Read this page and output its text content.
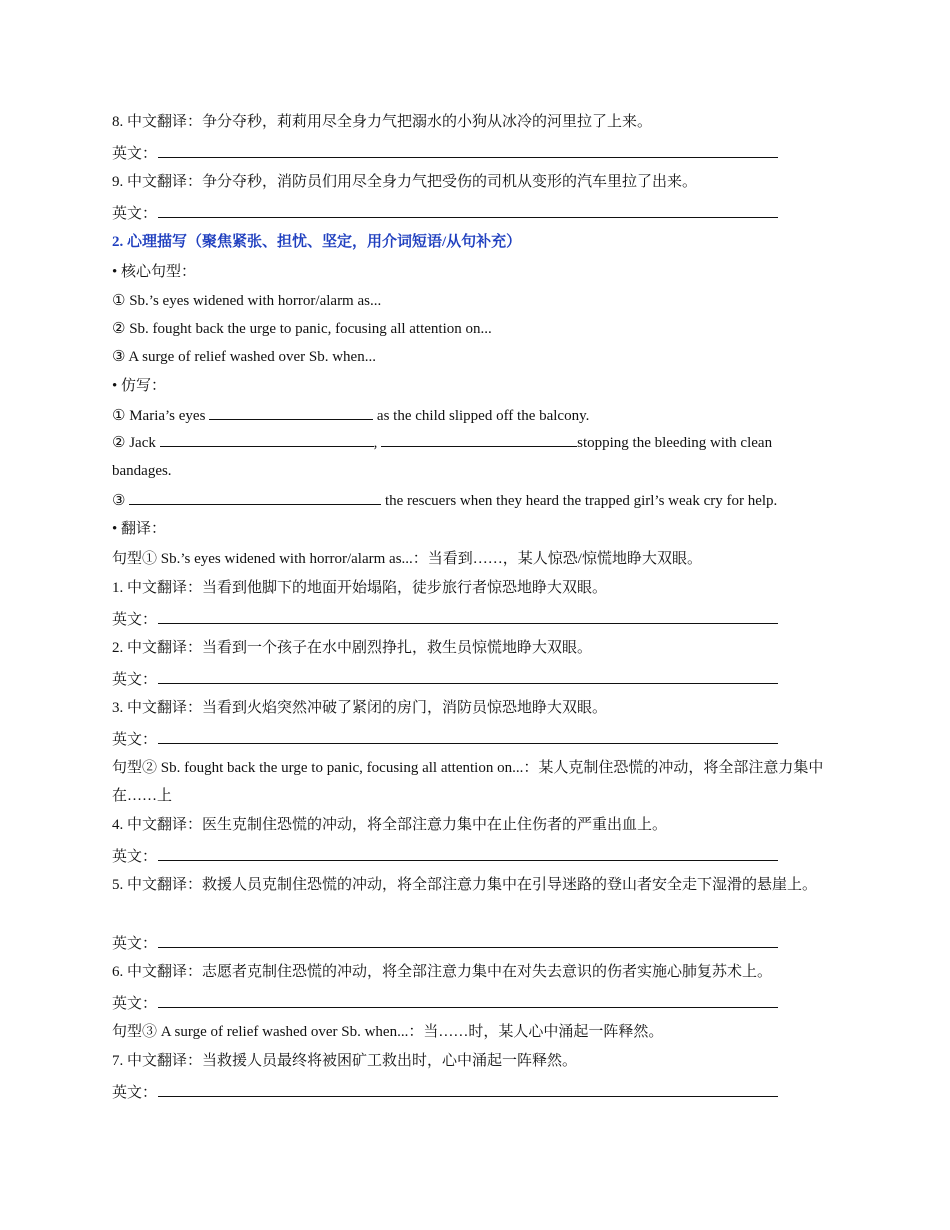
8. 中文翻译：争分夺秒，莉莉用尽全身力气把溺水的小狗从冰冷的河里拉了上来。
英文：
9. 中文翻译：争分夺秒，消防员们用尽全身力气把受伤的司机从变形的汽车里拉了出来。
英文：
2. 心理描写（聚焦紧张、担忧、坚定，用介词短语/从句补充）
• 核心句型：
① Sb.’s eyes widened with horror/alarm as...
② Sb. fought back the urge to panic, focusing all attention on...
③ A surge of relief washed over Sb. when...
• 仿写：
① Maria’s eyes	as the child slipped off the balcony.
② Jack	,	stopping the bleeding with clean bandages.
③	the rescuers when they heard the trapped girl’s weak cry for help.
• 翻译：
句型① Sb.’s eyes widened with horror/alarm as...：当看到……，某人惊恐/惊慌地睁大双眼。
1. 中文翻译：当看到他脚下的地面开始塌陷，徒步旅行者惊恐地睁大双眼。
英文：
2. 中文翻译：当看到一个孩子在水中剧烈挣扎，救生员惊慌地睁大双眼。
英文：
3. 中文翻译：当看到火焰突然冲破了紧闭的房门，消防员惊恐地睁大双眼。
英文：
句型② Sb. fought back the urge to panic, focusing all attention on...：某人克制住恐慌的冲动，将全部注意力集中在……上
4. 中文翻译：医生克制住恐慌的冲动，将全部注意力集中在止住伤者的严重出血上。
英文：
5. 中文翻译：救援人员克制住恐慌的冲动，将全部注意力集中在引导迷路的登山者安全走下湿滑的悬崖上。
英文：
6. 中文翻译：志愿者克制住恐慌的冲动，将全部注意力集中在对失去意识的伤者实施心肺复苏术上。
英文：
句型③ A surge of relief washed over Sb. when...：当……时，某人心中涌起一阵释然。
7. 中文翻译：当救援人员最终将被困矿工救出时，心中涌起一阵释然。
英文：
